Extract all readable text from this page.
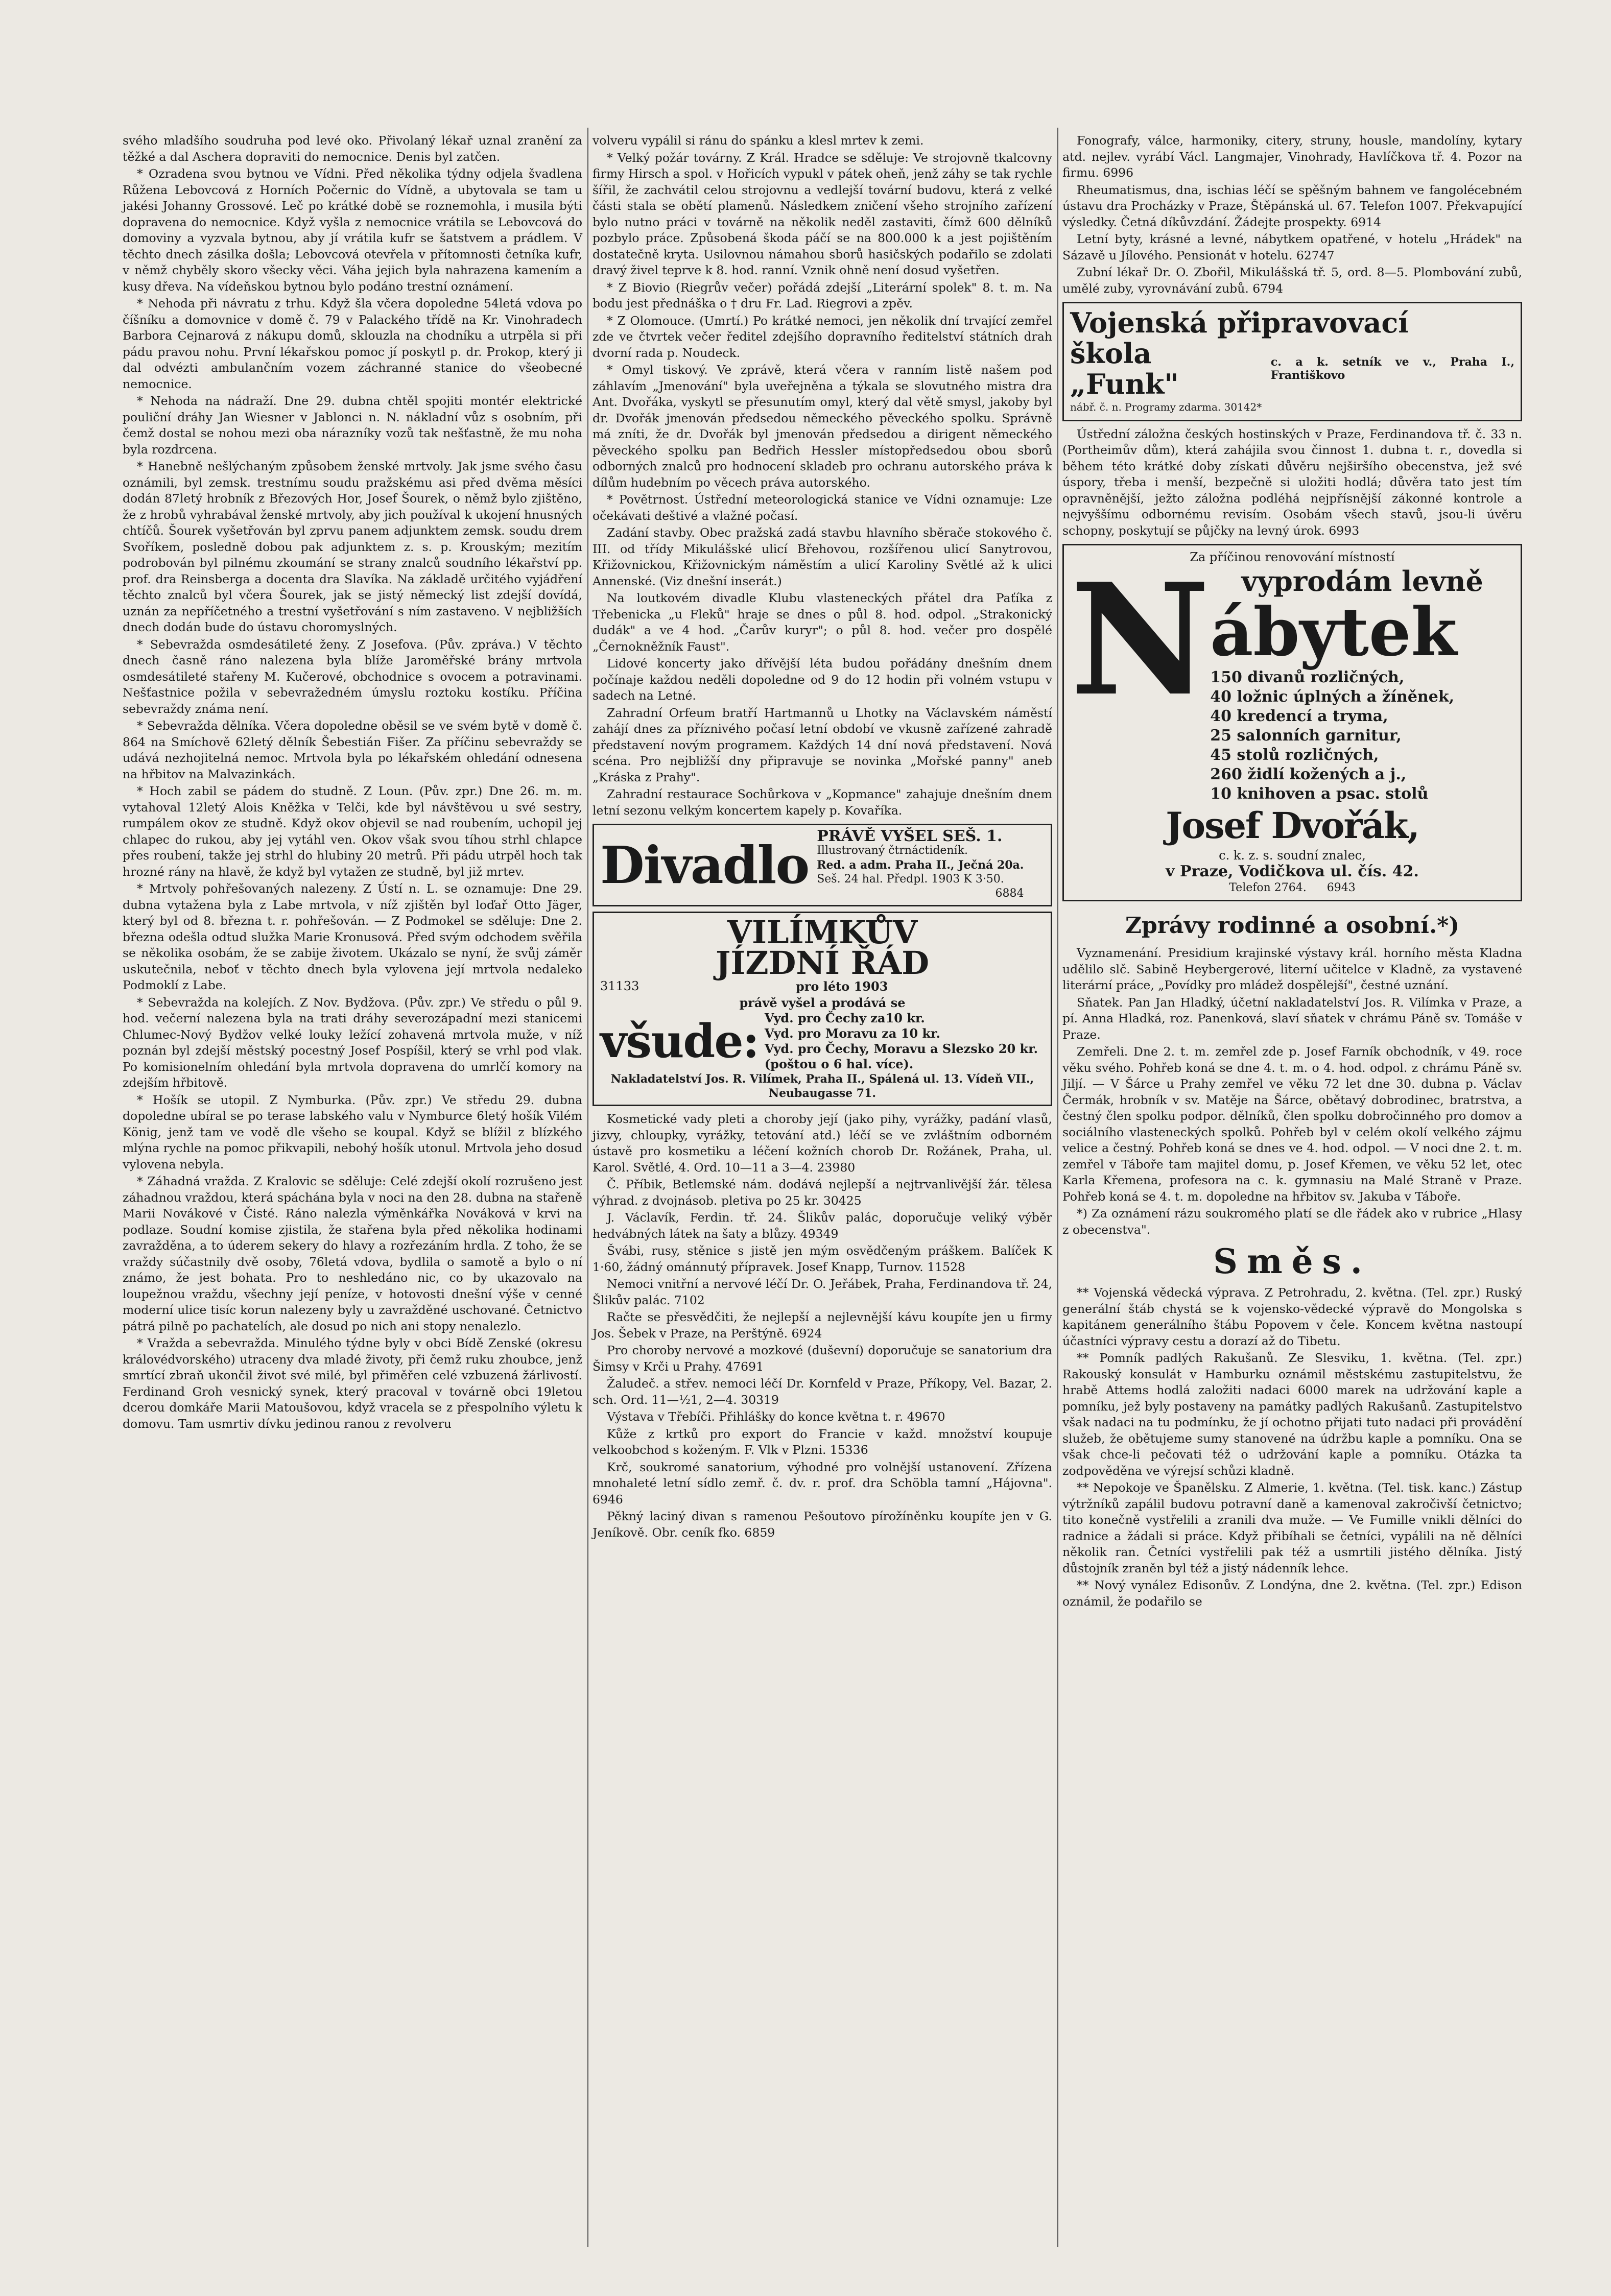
svého mladšího soudruha pod levé oko. Přivolaný lékař uznal zranění za těžké a dal Aschera dopraviti do nemocnice. Denis byl zatčen.

* Ozradena svou bytnou ve Vídni. Před několika týdny odjela švadlena Růžena Lebovcová z Horních Počernic do Vídně, a ubytovala se tam u jakési Johanny Grossové. Leč po krátké době se roznemohla, i musila býti dopravena do nemocnice. Když vyšla z nemocnice vrátila se Lebovcová do domoviny a vyzvala bytnou, aby jí vrátila kufr se šatstvem a prádlem. V těchto dnech zásilka došla; Lebovcová otevřela v přítomnosti četníka kufr, v němž chyběly skoro všecky věci. Váha jejich byla nahrazena kamením a kusy dřeva. Na vídeňskou bytnou bylo podáno trestní oznámení.

* Nehoda při návratu z trhu. Když šla včera dopoledne 54letá vdova po číšníku a domovnice v domě č. 79 v Palackého třídě na Kr. Vinohradech Barbora Cejnarová z nákupu domů, sklouzla na chodníku a utrpěla si při pádu pravou nohu. První lékařskou pomoc jí poskytl p. dr. Prokop, který ji dal odvézti ambulančním vozem záchranné stanice do všeobecné nemocnice.

* Nehoda na nádraží. Dne 29. dubna chtěl spojiti montér elektrické pouliční dráhy Jan Wiesner v Jablonci n. N. nákladní vůz s osobním, při čemž dostal se nohou mezi oba nárazníky vozů tak nešťastně, že mu noha byla rozdrcena.

* Hanebně nešlýchaným způsobem ženské mrtvoly. Jak jsme svého času oznámili, byl zemsk. trestnímu soudu pražskému asi před dvěma měsíci dodán 87letý hrobník z Březových Hor, Josef Šourek, o němž bylo zjištěno, že z hrobů vyhrabával ženské mrtvoly, aby jich používal k ukojení hnusných chtíčů. Šourek vyšetřován byl zprvu panem adjunktem zemsk. soudu drem Svoříkem, posledně dobou pak adjunktem z. s. p. Krouským; mezitím podrobován byl pilnému zkoumání se strany znalců soudního lékařství pp. prof. dra Reinsberga a docenta dra Slavíka. Na základě určitého vyjádření těchto znalců byl včera Šourek, jak se jistý německý list zdejší dovídá, uznán za nepříčetného a trestní vyšetřování s ním zastaveno. V nejbližších dnech dodán bude do ústavu choromyslných.

* Sebevražda osmdesátileté ženy. Z Josefova. (Pův. zpráva.) V těchto dnech časně ráno nalezena byla blíže Jaroměřské brány mrtvola osmdesátileté stařeny M. Kučerové, obchodnice s ovocem a potravinami. Nešťastnice požila v sebevražedném úmyslu roztoku kostíku. Příčina sebevraždy známa není.

* Sebevražda dělníka. Včera dopoledne oběsil se ve svém bytě v domě č. 864 na Smíchově 62letý dělník Šebestián Fišer. Za příčinu sebevraždy se udává nezhojitelná nemoc. Mrtvola byla po lékařském ohledání odnesena na hřbitov na Malvazinkách.

* Hoch zabil se pádem do studně. Z Loun. (Pův. zpr.) Dne 26. m. m. vytahoval 12letý Alois Kněžka v Telči, kde byl návštěvou u své sestry, rumpálem okov ze studně. Když okov objevil se nad roubením, uchopil jej chlapec do rukou, aby jej vytáhl ven. Okov však svou tíhou strhl chlapce přes roubení, takže jej strhl do hlubiny 20 metrů. Při pádu utrpěl hoch tak hrozné rány na hlavě, že když byl vytažen ze studně, byl již mrtev.

* Mrtvoly pohřešovaných nalezeny. Z Ústí n. L. se oznamuje: Dne 29. dubna vytažena byla z Labe mrtvola, v níž zjištěn byl loďař Otto Jäger, který byl od 8. března t. r. pohřešován. — Z Podmokel se sděluje: Dne 2. března odešla odtud služka Marie Kronusová. Před svým odchodem svěřila se několika osobám, že se zabije životem. Ukázalo se nyní, že svůj záměr uskutečnila, neboť v těchto dnech byla vylovena její mrtvola nedaleko Podmoklí z Labe.

* Sebevražda na kolejích. Z Nov. Bydžova. (Pův. zpr.) Ve středu o půl 9. hod. večerní nalezena byla na trati dráhy severozápadní mezi stanicemi Chlumec-Nový Bydžov velké louky ležící zohavená mrtvola muže, v níž poznán byl zdejší městský pocestný Josef Pospíšil, který se vrhl pod vlak. Po komisionelním ohledání byla mrtvola dopravena do umrlčí komory na zdejším hřbitově.

* Hošík se utopil. Z Nymburka. (Pův. zpr.) Ve středu 29. dubna dopoledne ubíral se po terase labského valu v Nymburce 6letý hošík Vilém König, jenž tam ve vodě dle všeho se koupal. Když se blížil z blízkého mlýna rychle na pomoc přikvapili, nebohý hošík utonul. Mrtvola jeho dosud vylovena nebyla.

* Záhadná vražda. Z Kralovic se sděluje: Celé zdejší okolí rozrušeno jest záhadnou vraždou, která spáchána byla v noci na den 28. dubna na stařeně Marii Novákové v Čisté. Ráno nalezla výměnkářka Nováková v krvi na podlaze. Soudní komise zjistila, že stařena byla před několika hodinami zavražděna, a to úderem sekery do hlavy a rozřezáním hrdla. Z toho, že se vraždy súčastnily dvě osoby, 76letá vdova, bydlila o samotě a bylo o ní známo, že jest bohata. Pro to neshledáno nic, co by ukazovalo na loupežnou vraždu, všechny její peníze, v hotovosti dnešní výše v cenné moderní ulice tisíc korun nalezeny byly u zavražděné uschované. Četnictvo pátrá pilně po pachatelích, ale dosud po nich ani stopy nenalezlo.

* Vražda a sebevražda. Minulého týdne byly v obci Bídě Zenské (okresu královédvorského) utraceny dva mladé životy, při čemž ruku zhoubce, jenž smrtící zbraň ukončil život své milé, byl přiměřen celé vzbuzená žárlivostí. Ferdinand Groh vesnický synek, který pracoval v továrně obci 19letou dcerou domkáře Marii Matoušovou, když vracela se z přespolního výletu k domovu. Tam usmrtiv dívku jedinou ranou z revolveru

volveru vypálil si ránu do spánku a klesl mrtev k zemi.

* Velký požár továrny. Z Král. Hradce se sděluje: Ve strojovně tkalcovny firmy Hirsch a spol. v Hořicích vypukl v pátek oheň, jenž záhy se tak rychle šířil, že zachvátil celou strojovnu a vedlejší tovární budovu, která z velké části stala se obětí plamenů. Následkem zničení všeho strojního zařízení bylo nutno práci v továrně na několik neděl zastaviti, čímž 600 dělníků pozbylo práce. Způsobená škoda páčí se na 800.000 k a jest pojištěním dostatečně kryta. Usilovnou námahou sborů hasičských podařilo se zdolati dravý živel teprve k 8. hod. ranní. Vznik ohně není dosud vyšetřen.

* Z Biovio (Riegrův večer) pořádá zdejší „Literární spolek" 8. t. m. Na bodu jest přednáška o † dru Fr. Lad. Riegrovi a zpěv.

* Z Olomouce. (Umrtí.) Po krátké nemoci, jen několik dní trvající zemřel zde ve čtvrtek večer ředitel zdejšího dopravního ředitelství státních drah dvorní rada p. Noudeck.

* Omyl tiskový. Ve zprávě, která včera v ranním listě našem pod záhlavím „Jmenování" byla uveřejněna a týkala se slovutného mistra dra Ant. Dvořáka, vyskytl se přesunutím omyl, který dal větě smysl, jakoby byl dr. Dvořák jmenován předsedou německého pěveckého spolku. Správně má zníti, že dr. Dvořák byl jmenován předsedou a dirigent německého pěveckého spolku pan Bedřich Hessler místopředsedou obou sborů odborných znalců pro hodnocení skladeb pro ochranu autorského práva k dílům hudebním po věcech práva autorského.

* Povětrnost. Ústřední meteorologická stanice ve Vídni oznamuje: Lze očekávati deštivé a vlažné počasí.

Zadání stavby. Obec pražská zadá stavbu hlavního sběrače stokového č. III. od třídy Mikulášské ulicí Břehovou, rozšířenou ulicí Sanytrovou, Křižovnickou, Křižovnickým náměstím a ulicí Karoliny Světlé až k ulici Annenské. (Viz dnešní inserát.)

Na loutkovém divadle Klubu vlasteneckých přátel dra Paťíka z Třebenicka „u Fleků" hraje se dnes o půl 8. hod. odpol. „Strakonický dudák" a ve 4 hod. „Čarův kuryr"; o půl 8. hod. večer pro dospělé „Černokněžník Faust".

Lidové koncerty jako dřívější léta budou pořádány dnešním dnem počínaje každou neděli dopoledne od 9 do 12 hodin při volném vstupu v sadech na Letné.

Zahradní Orfeum bratří Hartmannů u Lhotky na Václavském náměstí zahájí dnes za příznivého počasí letní období ve vkusně zařízené zahradě představení novým programem. Každých 14 dní nová představení. Nová scéna. Pro nejbližší dny připravuje se novinka „Mořské panny" aneb „Kráska z Prahy".

Zahradní restaurace Sochůrkova v „Kopmance" zahajuje dnešním dnem letní sezonu velkým koncertem kapely p. Kovaříka.

Divadlo PRÁVĚ VYŠEL SEŠ. 1.
Illustrovaný čtrnáctideník.
Red. a adm. Praha II., Ječná 20a.
Seš. 24 hal. Předpl. 1903 K 3·50.
6884
VILÍMKŮV
JÍZDNÍ ŘÁD
31133	pro léto 1903
právě vyšel a prodává se
všude: Vyd. pro Čechy za10 kr.
Vyd. pro Moravu za 10 kr.
Vyd. pro Čechy, Moravu a Slezsko 20 kr. (poštou o 6 hal. více).
Nakladatelství Jos. R. Vilímek, Praha II., Spálená ul. 13. Vídeň VII., Neubaugasse 71.

Kosmetické vady pleti a choroby její (jako pihy, vyrážky, padání vlasů, jizvy, chloupky, vyrážky, tetování atd.) léčí se ve zvláštním odborném ústavě pro kosmetiku a léčení kožních chorob Dr. Rožánek, Praha, ul. Karol. Světlé, 4. Ord. 10—11 a 3—4. 23980

Č. Příbik, Betlemské nám. dodává nejlepší a nejtrvanlivější žár. tělesa výhrad. z dvojnásob. pletiva po 25 kr. 30425

J. Václavík, Ferdin. tř. 24. Šlikův palác, doporučuje veliký výběr hedvábných látek na šaty a blůzy. 49349

Švábi, rusy, stěnice s jistě jen mým osvědčeným práškem. Balíček K 1·60, žádný ománnutý přípravek. Josef Knapp, Turnov. 11528

Nemoci vnitřní a nervové léčí Dr. O. Jeřábek, Praha, Ferdinandova tř. 24, Šlikův palác. 7102

Račte se přesvědčiti, že nejlepší a nejlevnější kávu koupíte jen u firmy Jos. Šebek v Praze, na Perštýně. 6924

Pro choroby nervové a mozkové (duševní) doporučuje se sanatorium dra Šimsy v Krči u Prahy. 47691

Žaludeč. a střev. nemoci léčí Dr. Kornfeld v Praze, Příkopy, Vel. Bazar, 2. sch. Ord. 11—½1, 2—4. 30319

Výstava v Třebíči. Přihlášky do konce května t. r. 49670

Kůže z krtků pro export do Francie v každ. množství koupuje velkoobchod s koženým. F. Vlk v Plzni. 15336

Krč, soukromé sanatorium, výhodné pro volnější ustanovení. Zřízena mnohaleté letní sídlo zemř. č. dv. r. prof. dra Schöbla tamní „Hájovna". 6946

Pěkný laciný divan s ramenou Pešoutovo pírožíněnku koupíte jen v G. Jeníkově. Obr. ceník fko. 6859

Fonografy, válce, harmoniky, citery, struny, housle, mandolíny, kytary atd. nejlev. vyrábí Václ. Langmajer, Vinohrady, Havlíčkova tř. 4. Pozor na firmu. 6996

Rheumatismus, dna, ischias léčí se spěšným bahnem ve fangolécebném ústavu dra Procházky v Praze, Štěpánská ul. 67. Telefon 1007. Překvapující výsledky. Četná díkůvzdání. Žádejte prospekty. 6914

Letní byty, krásné a levné, nábytkem opatřené, v hotelu „Hrádek" na Sázavě u Jílového. Pensionát v hotelu. 62747

Zubní lékař Dr. O. Zbořil, Mikulášská tř. 5, ord. 8—5. Plombování zubů, umělé zuby, vyrovnávání zubů. 6794

Vojenská připravovací
škola „Funk"
c. a k. setník ve v., Praha I., Františkovo
nábř. č. n. Programy zdarma. 30142*

Ústřední záložna českých hostinských v Praze, Ferdinandova tř. č. 33 n. (Portheimův dům), která zahájila svou činnost 1. dubna t. r., dovedla si během této krátké doby získati důvěru nejširšího obecenstva, jež své úspory, třeba i menší, bezpečně si uložiti hodlá; důvěra tato jest tím opravněnější, ježto záložna podléhá nejpřísnější zákonné kontrole a nejvyššímu odbornému revisím. Osobám všech stavů, jsou-li úvěru schopny, poskytují se půjčky na levný úrok. 6993

Za příčinou renovování místností
N	vyprodám levně
ábytek
150 divanů rozličných,
40 ložnic úplných a žíněnek,
40 kredencí a tryma,
25 salonních garnitur,
45 stolů rozličných,
260 židlí kožených a j.,
10 knihoven a psac. stolů
Josef Dvořák,
c. k. z. s. soudní znalec,
v Praze, Vodičkova ul. čís. 42.
Telefon 2764. 6943
Zprávy rodinné a osobní.*)

Vyznamenání. Presidium krajinské výstavy král. horního města Kladna udělilo slč. Sabině Heybergerové, literní učitelce v Kladně, za vystavené literární práce, „Povídky pro mládež dospělejší", čestné uznání.

Sňatek. Pan Jan Hladký, účetní nakladatelství Jos. R. Vilímka v Praze, a pí. Anna Hladká, roz. Panenková, slaví sňatek v chrámu Páně sv. Tomáše v Praze.

Zemřeli. Dne 2. t. m. zemřel zde p. Josef Farník obchodník, v 49. roce věku svého. Pohřeb koná se dne 4. t. m. o 4. hod. odpol. z chrámu Páně sv. Jiljí. — V Šárce u Prahy zemřel ve věku 72 let dne 30. dubna p. Václav Čermák, hrobník v sv. Matěje na Šárce, obětavý dobrodinec, bratrstva, a čestný člen spolku podpor. dělníků, člen spolku dobročinného pro domov a sociálního vlasteneckých spolků. Pohřeb byl v celém okolí velkého zájmu velice a čestný. Pohřeb koná se dnes ve 4. hod. odpol. — V noci dne 2. t. m. zemřel v Táboře tam majitel domu, p. Josef Křemen, ve věku 52 let, otec Karla Křemena, profesora na c. k. gymnasiu na Malé Straně v Praze. Pohřeb koná se 4. t. m. dopoledne na hřbitov sv. Jakuba v Táboře.

*) Za oznámení rázu soukromého platí se dle řádek ako v rubrice „Hlasy z obecenstva".

Směs.

** Vojenská vědecká výprava. Z Petrohradu, 2. května. (Tel. zpr.) Ruský generální štáb chystá se k vojensko-vědecké výpravě do Mongolska s kapitánem generálního štábu Popovem v čele. Koncem května nastoupí účastníci výpravy cestu a dorazí až do Tibetu.

** Pomník padlých Rakušanů. Ze Slesviku, 1. května. (Tel. zpr.) Rakouský konsulát v Hamburku oznámil městskému zastupitelstvu, že hrabě Attems hodlá založiti nadaci 6000 marek na udržování kaple a pomníku, jež byly postaveny na památky padlých Rakušanů. Zastupitelstvo však nadaci na tu podmínku, že jí ochotno přijati tuto nadaci při provádění služeb, že obětujeme sumy stanovené na údržbu kaple a pomníku. Ona se však chce-li pečovati též o udržování kaple a pomníku. Otázka ta zodpověděna ve výrejsí schůzi kladně.

** Nepokoje ve Španělsku. Z Almerie, 1. května. (Tel. tisk. kanc.) Zástup výtržníků zapálil budovu potravní daně a kamenoval zakročivší četnictvo; tito konečně vystřelili a zranili dva muže. — Ve Fumille vnikli dělníci do radnice a žádali si práce. Když přibíhali se četníci, vypálili na ně dělníci několik ran. Četníci vystřelili pak též a usmrtili jistého dělníka. Jistý důstojník zraněn byl též a jistý nádenník lehce.

** Nový vynález Edisonův. Z Londýna, dne 2. května. (Tel. zpr.) Edison oznámil, že podařilo se
